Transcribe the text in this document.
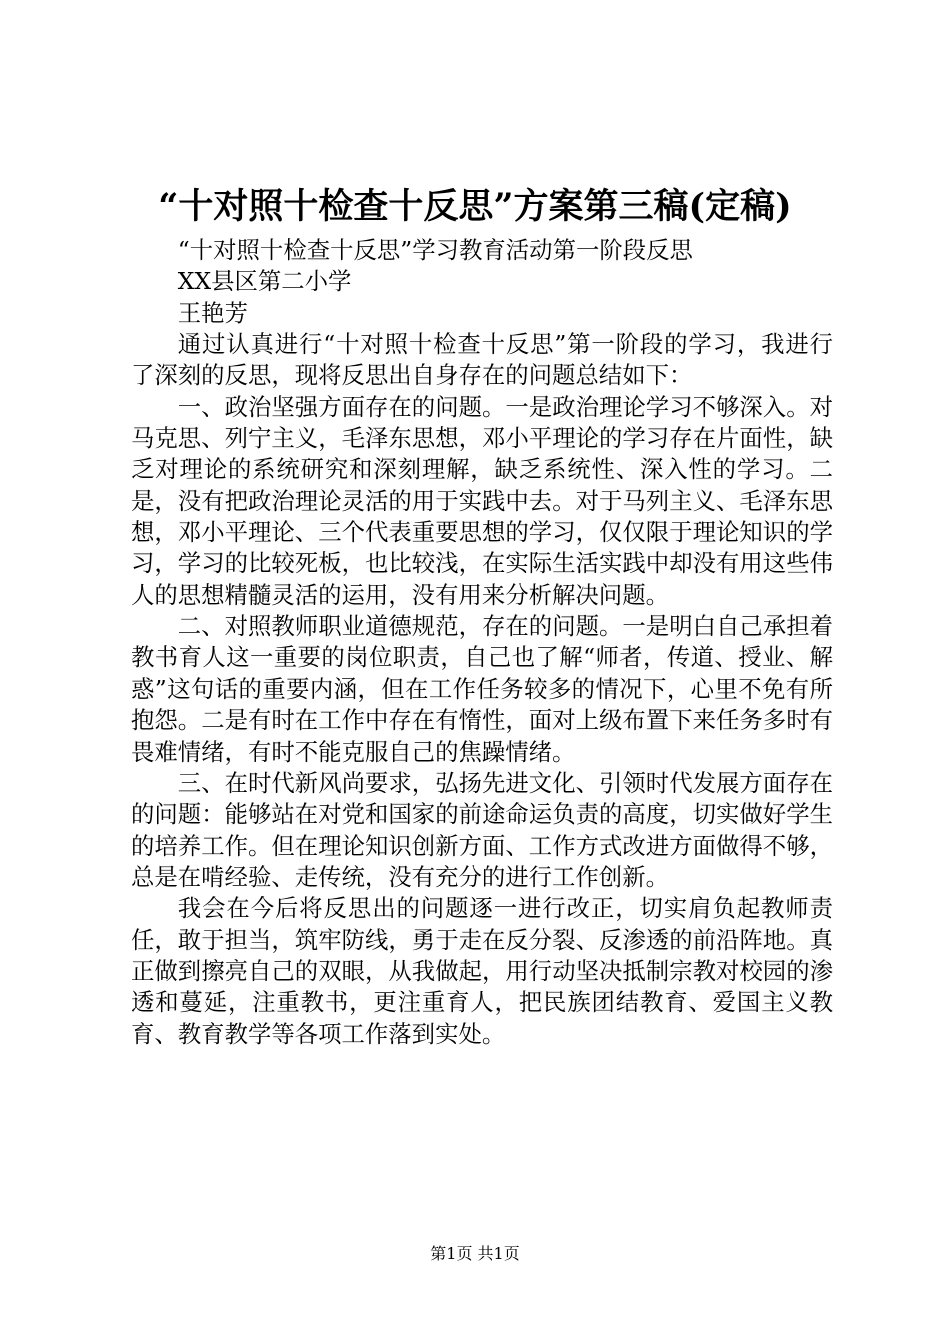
“十对照十检查十反思”方案第三稿(定稿)

“十对照十检查十反思”学习教育活动第一阶段反思

XX县区第二小学

王艳芳

通过认真进行“十对照十检查十反思”第一阶段的学习，我进行了深刻的反思，现将反思出自身存在的问题总结如下：

一、政治坚强方面存在的问题。一是政治理论学习不够深入。对马克思、列宁主义，毛泽东思想，邓小平理论的学习存在片面性，缺乏对理论的系统研究和深刻理解，缺乏系统性、深入性的学习。二是，没有把政治理论灵活的用于实践中去。对于马列主义、毛泽东思想，邓小平理论、三个代表重要思想的学习，仅仅限于理论知识的学习，学习的比较死板，也比较浅，在实际生活实践中却没有用这些伟人的思想精髓灵活的运用，没有用来分析解决问题。

二、对照教师职业道德规范，存在的问题。一是明白自己承担着教书育人这一重要的岗位职责，自己也了解“师者，传道、授业、解惑”这句话的重要内涵，但在工作任务较多的情况下，心里不免有所抱怨。二是有时在工作中存在有惰性，面对上级布置下来任务多时有畏难情绪，有时不能克服自己的焦躁情绪。

三、在时代新风尚要求，弘扬先进文化、引领时代发展方面存在的问题：能够站在对党和国家的前途命运负责的高度，切实做好学生的培养工作。但在理论知识创新方面、工作方式改进方面做得不够，总是在啃经验、走传统，没有充分的进行工作创新。

我会在今后将反思出的问题逐一进行改正，切实肩负起教师责任，敢于担当，筑牢防线，勇于走在反分裂、反渗透的前沿阵地。真正做到擦亮自己的双眼，从我做起，用行动坚决抵制宗教对校园的渗透和蔓延，注重教书，更注重育人，把民族团结教育、爱国主义教育、教育教学等各项工作落到实处。

第1页 共1页
